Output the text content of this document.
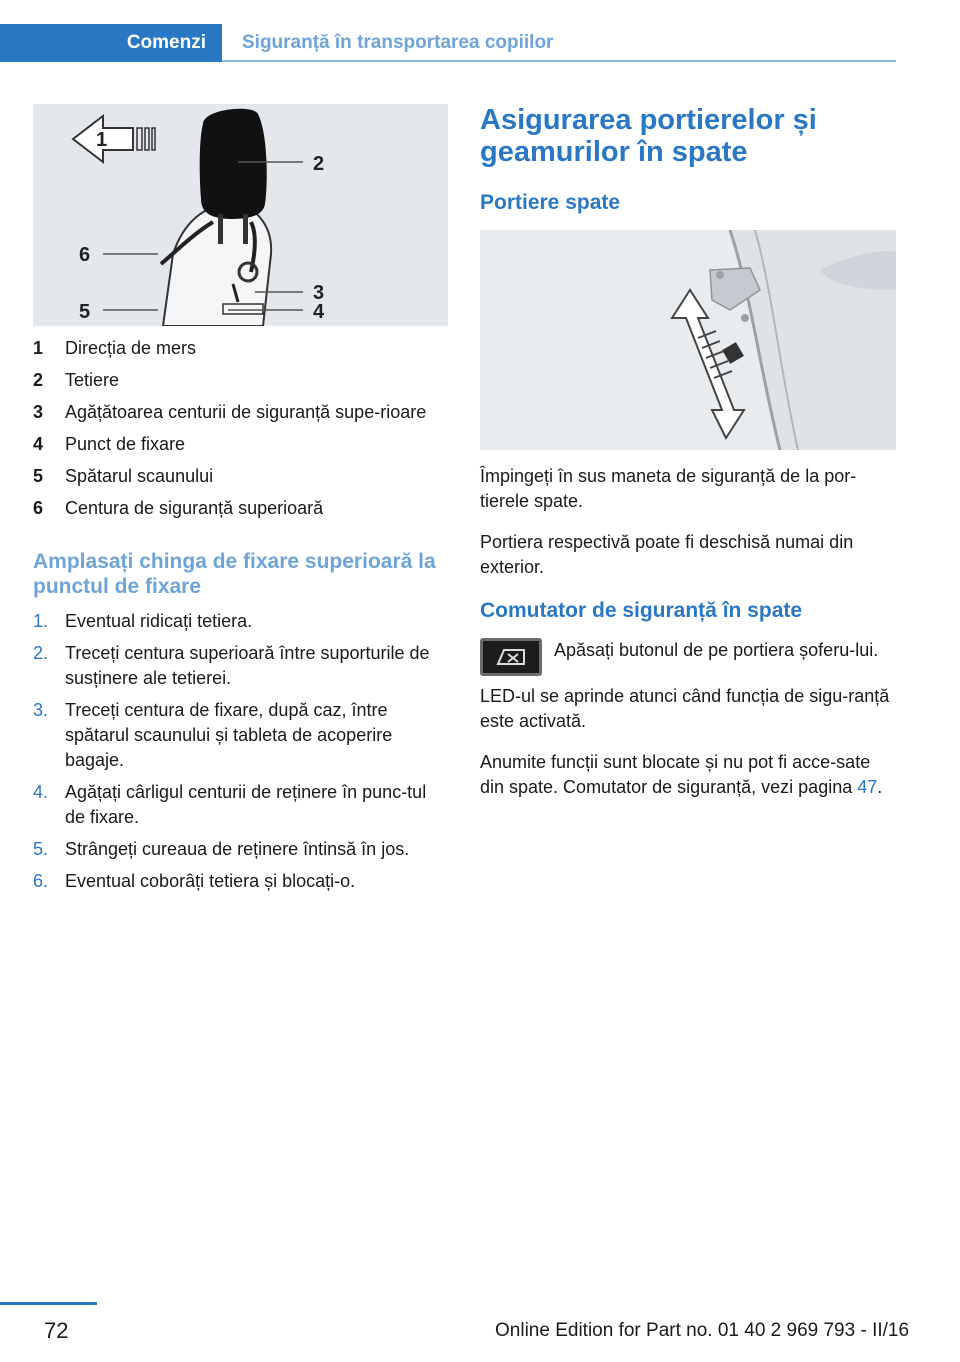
Comenzi Siguranță în transportarea copiilor
1
2
3
4
5
6
1	Direcția de mers
2	Tetiere
3	Agățătoarea centurii de siguranță supe-rioare
4	Punct de fixare
5	Spătarul scaunului
6	Centura de siguranță superioară
Amplasați chinga de fixare superioară la punctul de fixare
1. Eventual ridicați tetiera.
2. Treceți centura superioară între suporturile de susținere ale tetierei.
3. Treceți centura de fixare, după caz, între spătarul scaunului și tableta de acoperire bagaje.
4. Agățați cârligul centurii de reținere în punc-tul de fixare.
5. Strângeți cureaua de reținere întinsă în jos.
6. Eventual coborâți tetiera și blocați-o.
Asigurarea portierelor și geamurilor în spate
Portiere spate

Împingeți în sus maneta de siguranță de la por-tierele spate.

Portiera respectivă poate fi deschisă numai din exterior.

Comutator de siguranță în spate

Apăsați butonul de pe portiera șoferu-lui.

LED-ul se aprinde atunci când funcția de sigu-ranță este activată.

Anumite funcții sunt blocate și nu pot fi acce-sate din spate. Comutator de siguranță, vezi pagina 47.

72	Online Edition for Part no. 01 40 2 969 793 - II/16
